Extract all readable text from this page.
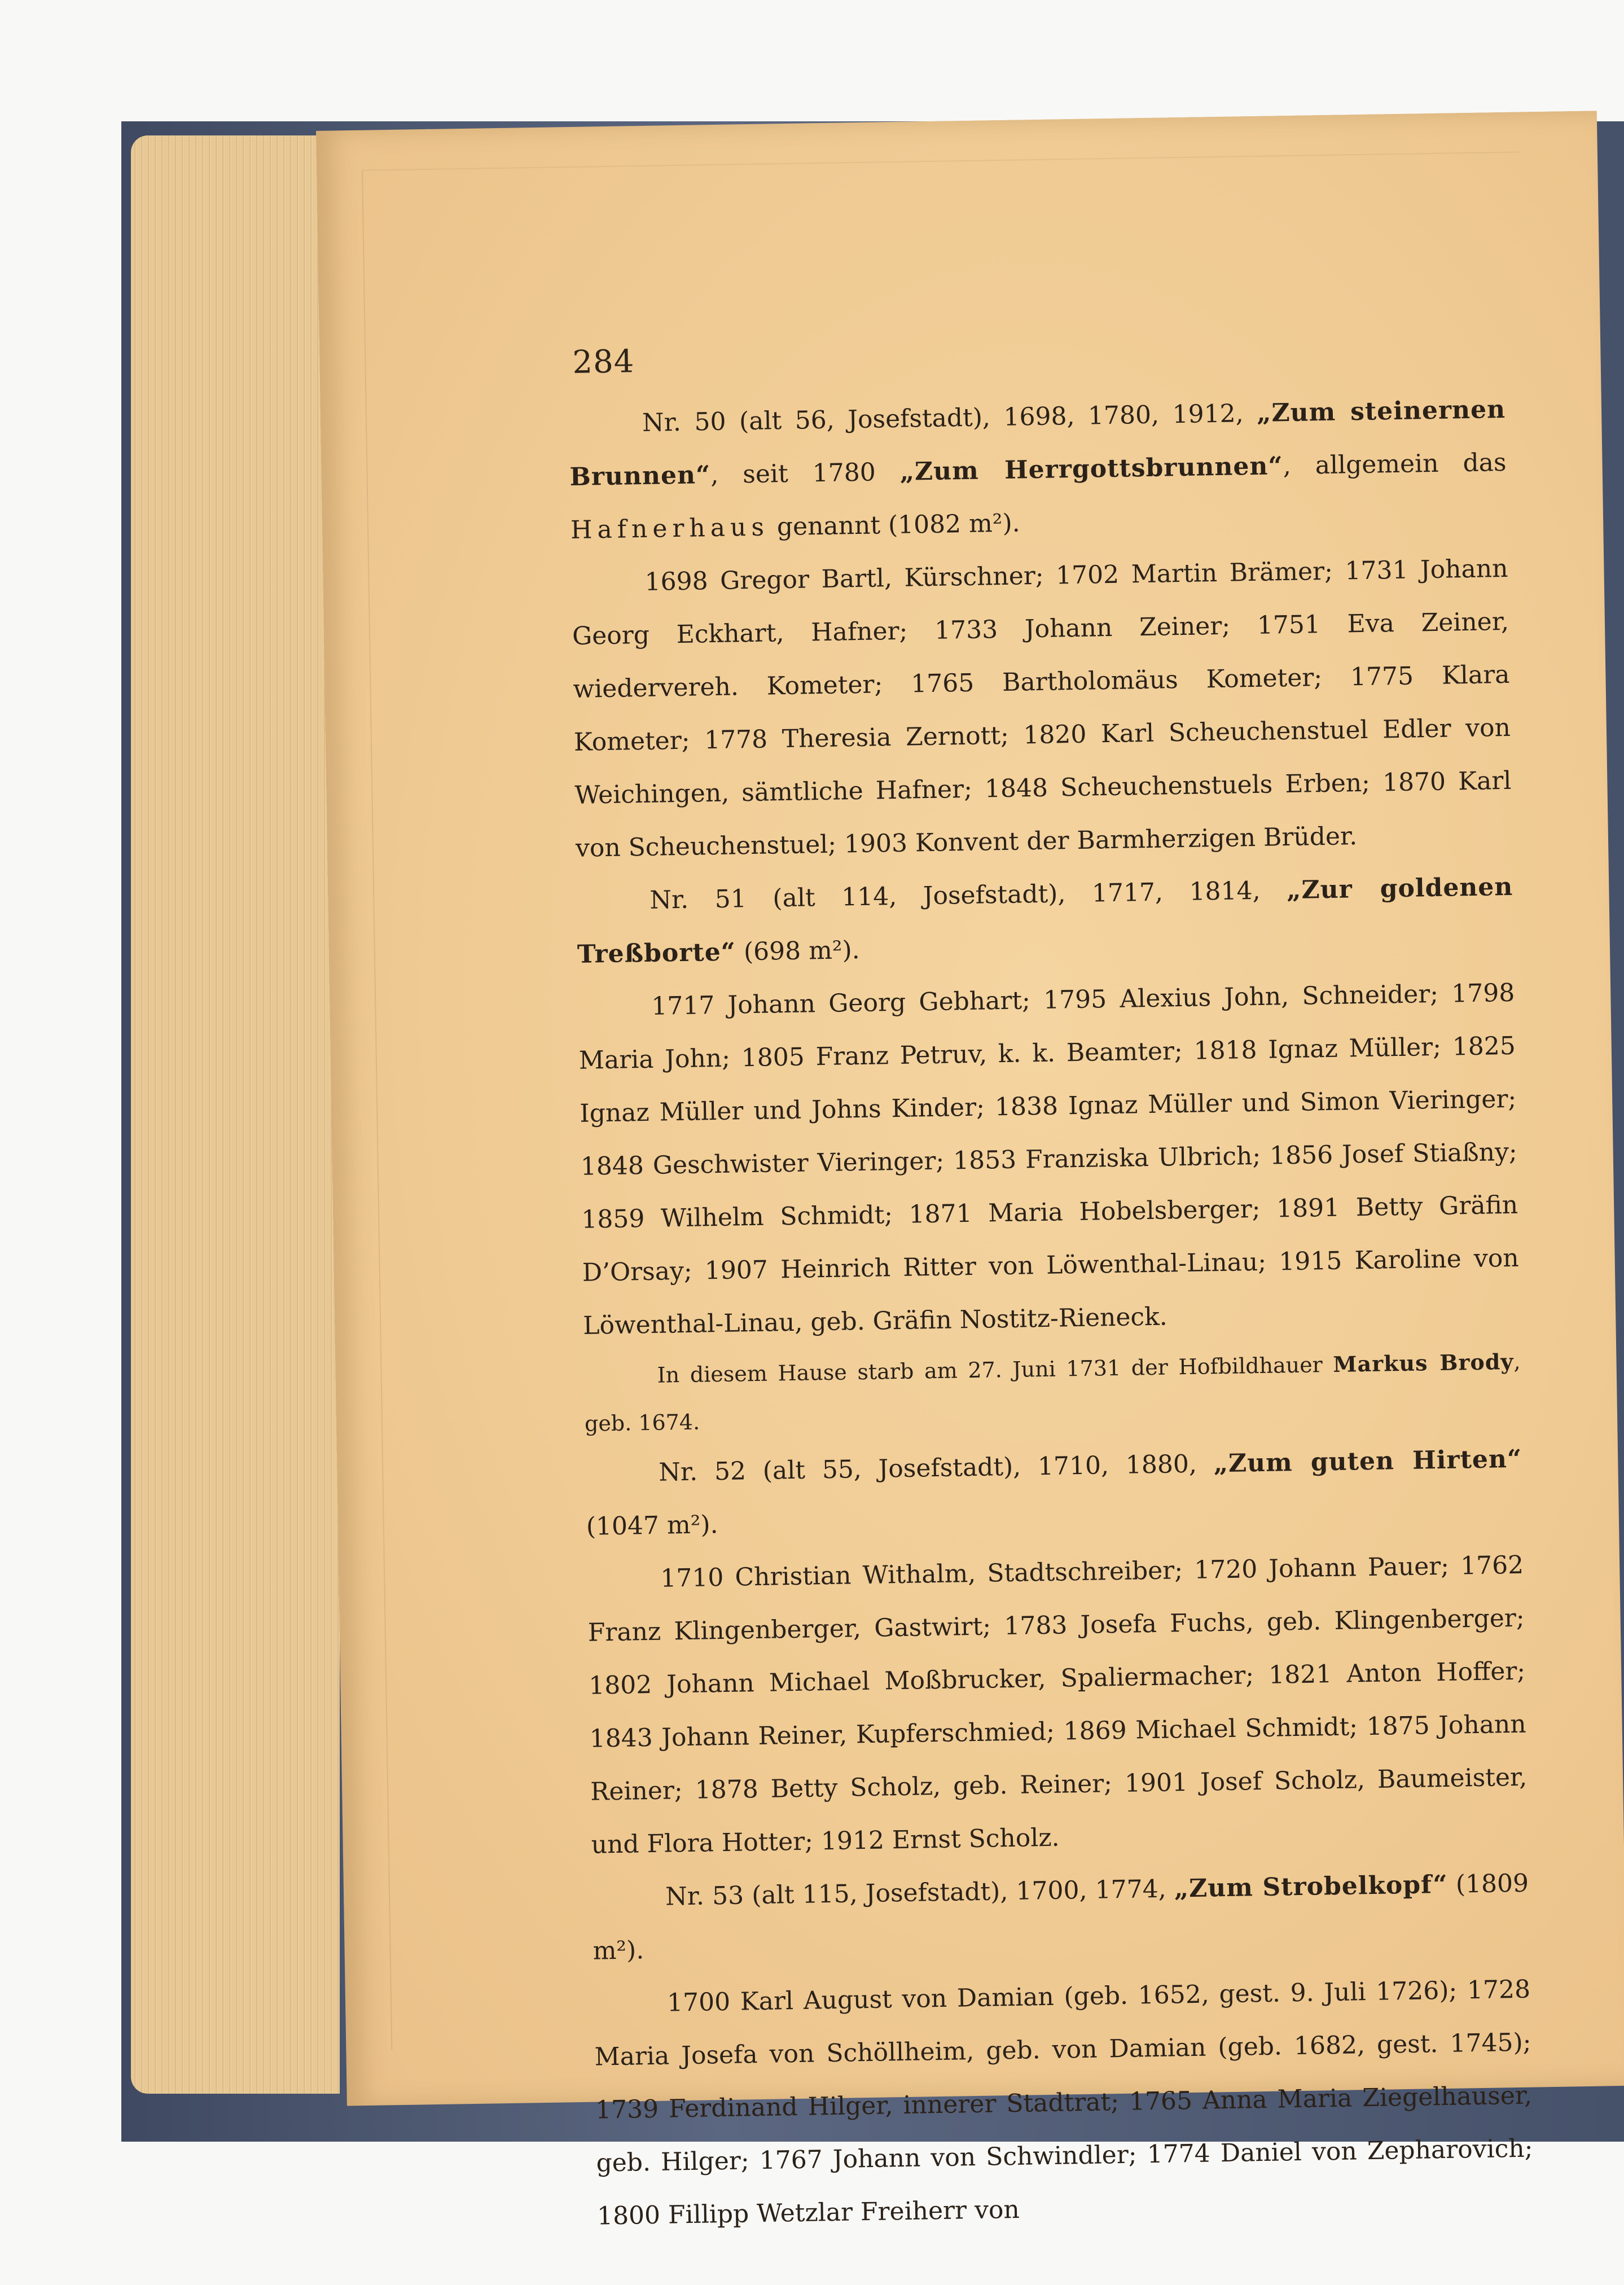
284

Nr. 50 (alt 56, Josefstadt), 1698, 1780, 1912, „Zum steinernen Brunnen“, seit 1780 „Zum Herrgottsbrunnen“, allgemein das Hafnerhaus genannt (1082 m²).

1698 Gregor Bartl, Kürschner; 1702 Martin Brämer; 1731 Johann Georg Eckhart, Hafner; 1733 Johann Zeiner; 1751 Eva Zeiner, wiedervereh. Kometer; 1765 Bartholomäus Kometer; 1775 Klara Kometer; 1778 Theresia Zernott; 1820 Karl Scheuchenstuel Edler von Weichingen, sämtliche Hafner; 1848 Scheuchenstuels Erben; 1870 Karl von Scheuchenstuel; 1903 Konvent der Barmherzigen Brüder.

Nr. 51 (alt 114, Josefstadt), 1717, 1814, „Zur goldenen Treßborte“ (698 m²).

1717 Johann Georg Gebhart; 1795 Alexius John, Schneider; 1798 Maria John; 1805 Franz Petruv, k. k. Beamter; 1818 Ignaz Müller; 1825 Ignaz Müller und Johns Kinder; 1838 Ignaz Müller und Simon Vieringer; 1848 Geschwister Vieringer; 1853 Franziska Ulbrich; 1856 Josef Stiaßny; 1859 Wilhelm Schmidt; 1871 Maria Hobelsberger; 1891 Betty Gräfin D’Orsay; 1907 Heinrich Ritter von Löwenthal-Linau; 1915 Karoline von Löwenthal-Linau, geb. Gräfin Nostitz-Rieneck.

In diesem Hause starb am 27. Juni 1731 der Hofbildhauer Markus Brody, geb. 1674.

Nr. 52 (alt 55, Josefstadt), 1710, 1880, „Zum guten Hirten“ (1047 m²).

1710 Christian Withalm, Stadtschreiber; 1720 Johann Pauer; 1762 Franz Klingenberger, Gastwirt; 1783 Josefa Fuchs, geb. Klingenberger; 1802 Johann Michael Moßbrucker, Spaliermacher; 1821 Anton Hoffer; 1843 Johann Reiner, Kupferschmied; 1869 Michael Schmidt; 1875 Johann Reiner; 1878 Betty Scholz, geb. Reiner; 1901 Josef Scholz, Baumeister, und Flora Hotter; 1912 Ernst Scholz.

Nr. 53 (alt 115, Josefstadt), 1700, 1774, „Zum Strobelkopf“ (1809 m²).

1700 Karl August von Damian (geb. 1652, gest. 9. Juli 1726); 1728 Maria Josefa von Schöllheim, geb. von Damian (geb. 1682, gest. 1745); 1739 Ferdinand Hilger, innerer Stadtrat; 1765 Anna Maria Ziegelhauser, geb. Hilger; 1767 Johann von Schwindler; 1774 Daniel von Zepharovich; 1800 Fillipp Wetzlar Freiherr von
